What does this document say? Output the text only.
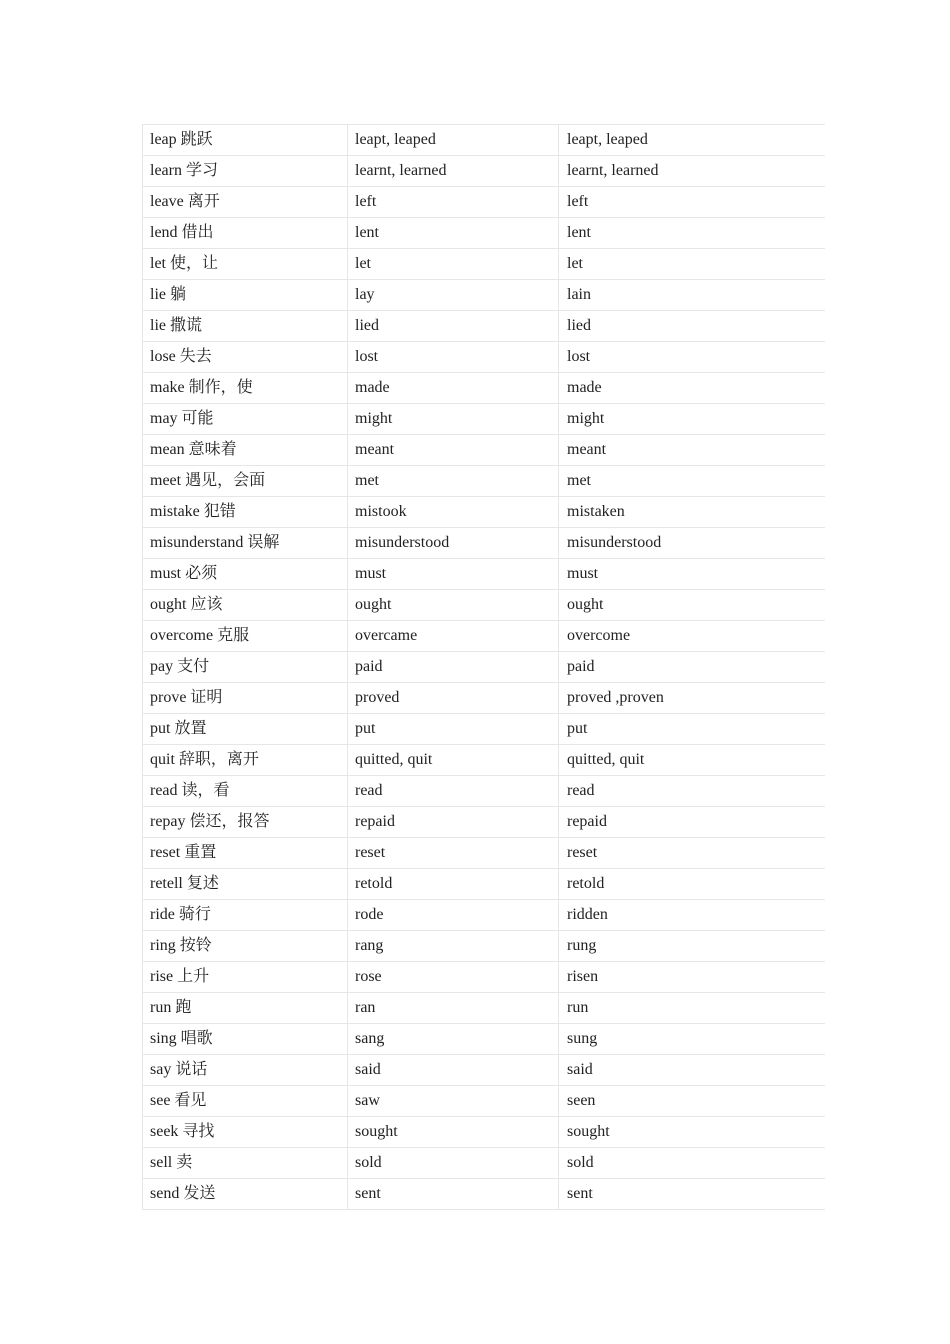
leap 跳跃	leapt, leaped	leapt, leaped
learn 学习	learnt, learned	learnt, learned
leave 离开	left	left
lend 借出	lent	lent
let 使，让	let	let
lie 躺	lay	lain
lie 撒谎	lied	lied
lose 失去	lost	lost
make 制作，使	made	made
may 可能	might	might
mean 意味着	meant	meant
meet 遇见，会面	met	met
mistake 犯错	mistook	mistaken
misunderstand 误解	misunderstood	misunderstood
must 必须	must	must
ought 应该	ought	ought
overcome 克服	overcame	overcome
pay 支付	paid	paid
prove 证明	proved	proved ,proven
put 放置	put	put
quit 辞职，离开	quitted, quit	quitted, quit
read 读，看	read	read
repay 偿还，报答	repaid	repaid
reset 重置	reset	reset
retell 复述	retold	retold
ride 骑行	rode	ridden
ring 按铃	rang	rung
rise 上升	rose	risen
run 跑	ran	run
sing 唱歌	sang	sung
say 说话	said	said
see 看见	saw	seen
seek 寻找	sought	sought
sell 卖	sold	sold
send 发送	sent	sent
